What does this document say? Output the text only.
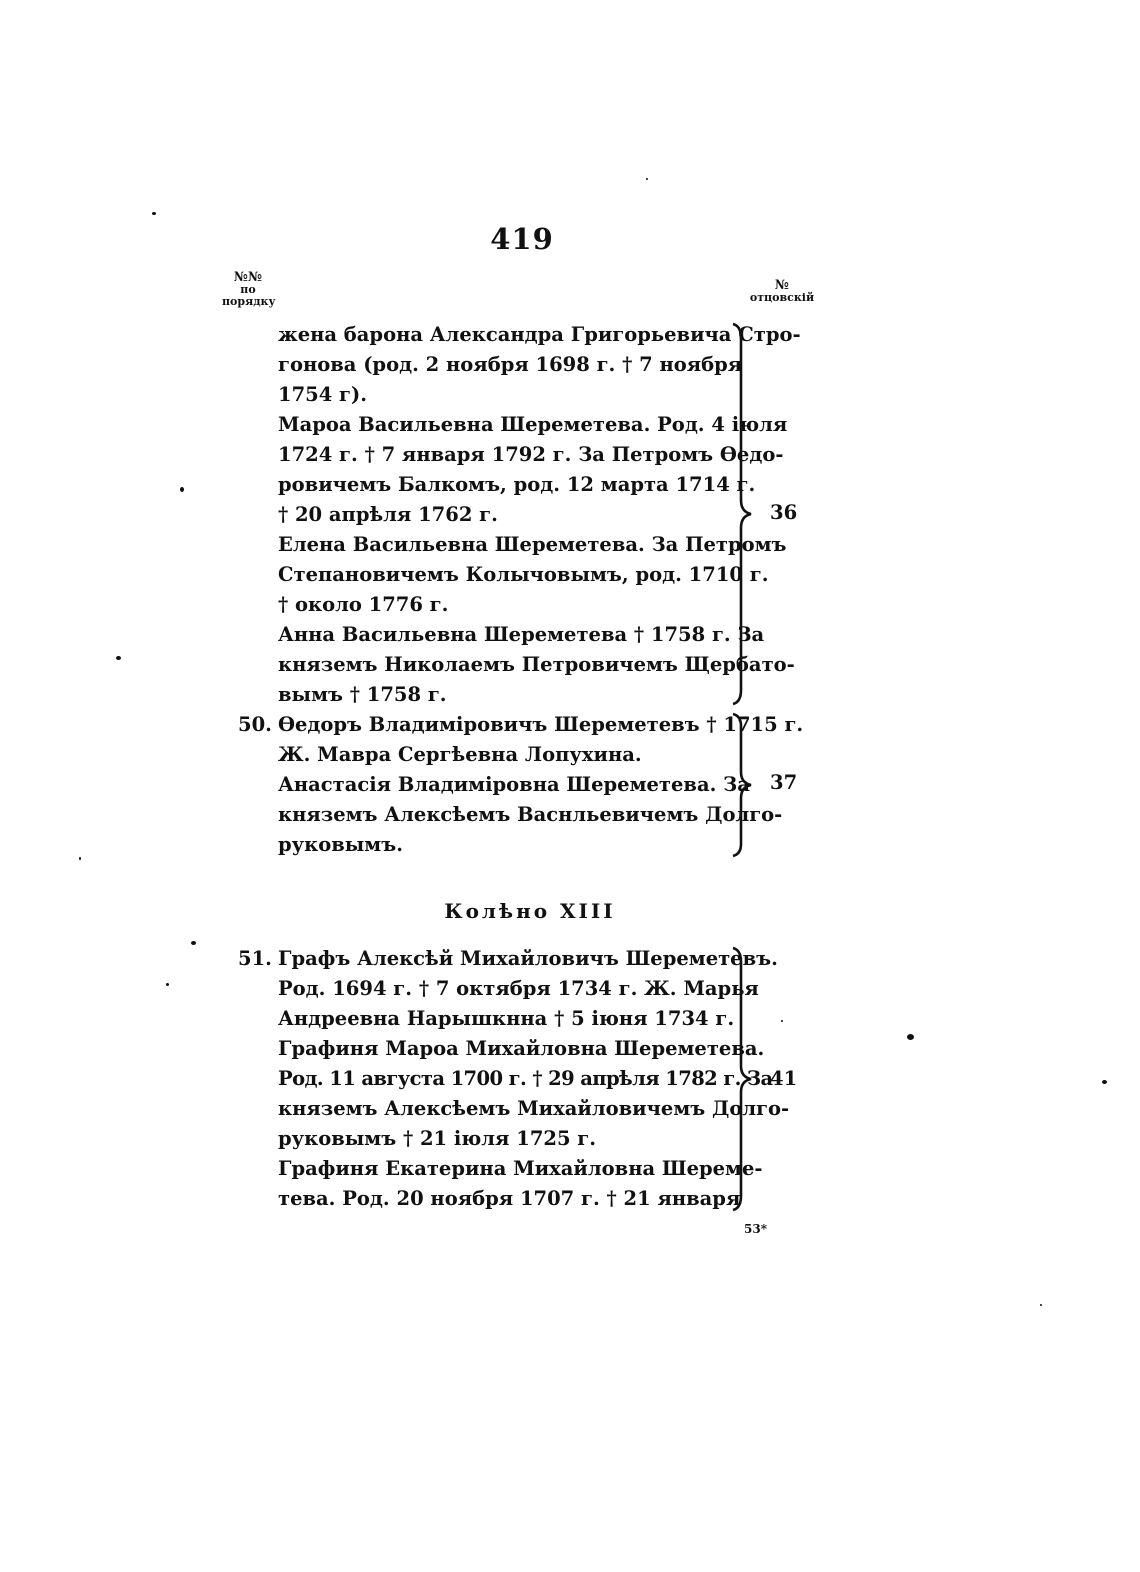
419
№№
по
порядку
№
отцовскій
жена барона Александра Григорьевича Стро-
гонова (род. 2 ноября 1698 г. † 7 ноября
1754 г).
Мароа Васильевна Шереметева. Род. 4 іюля
1724 г. † 7 января 1792 г. За Петромъ Өедо-
ровичемъ Балкомъ, род. 12 марта 1714 г.
† 20 апрѣля 1762 г.
Елена Васильевна Шереметева. За Петромъ
Степановичемъ Колычовымъ, род. 1710 г.
† около 1776 г.
Анна Васильевна Шереметева † 1758 г. За
княземъ Николаемъ Петровичемъ Щербато-
вымъ † 1758 г.
36
50. Өедоръ Владиміровичъ Шереметевъ † 1715 г.
Ж. Мавра Сергѣевна Лопухина.
Анастасія Владиміровна Шереметева. За
княземъ Алексѣемъ Васнльевичемъ Долго-
руковымъ.
37
Колѣно XIII
51. Графъ Алексѣй Михайловичъ Шереметевъ.
Род. 1694 г. † 7 октября 1734 г. Ж. Марья
Андреевна Нарышкнна † 5 іюня 1734 г.
Графиня Мароа Михайловна Шереметева.
Род. 11 августа 1700 г. † 29 апрѣля 1782 г. За
княземъ Алексѣемъ Михайловичемъ Долго-
руковымъ † 21 іюля 1725 г.
Графиня Екатерина Михайловна Шереме-
тева. Род. 20 ноября 1707 г. † 21 января
41
53*
